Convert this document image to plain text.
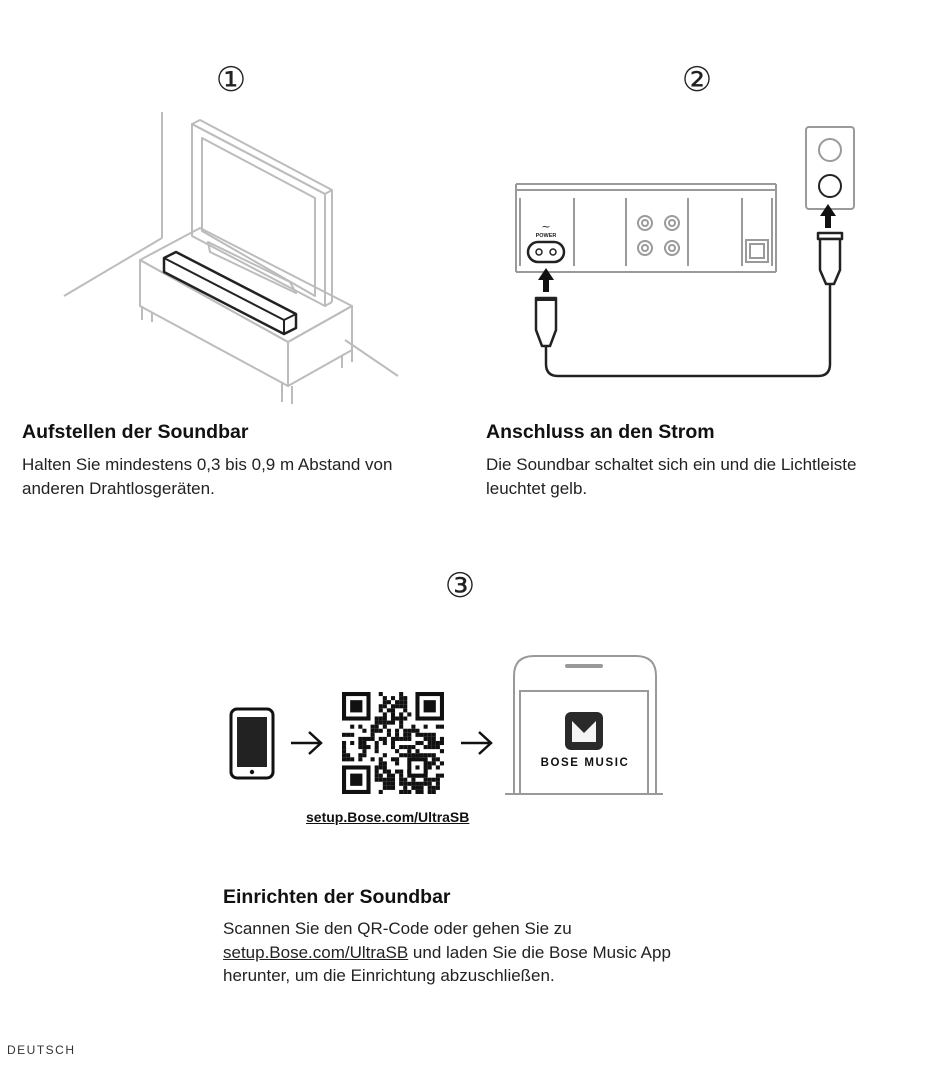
①
Aufstellen der Soundbar
Halten Sie mindestens 0,3 bis 0,9 m Abstand von anderen Drahtlosgeräten.
②
~
POWER
Anschluss an den Strom
Die Soundbar schaltet sich ein und die Lichtleiste leuchtet gelb.
③
BOSE MUSIC
setup.Bose.com/UltraSB
Einrichten der Soundbar
Scannen Sie den QR-Code oder gehen Sie zu setup.Bose.com/UltraSB und laden Sie die Bose Music App herunter, um die Einrichtung abzuschließen.
DEUTSCH
